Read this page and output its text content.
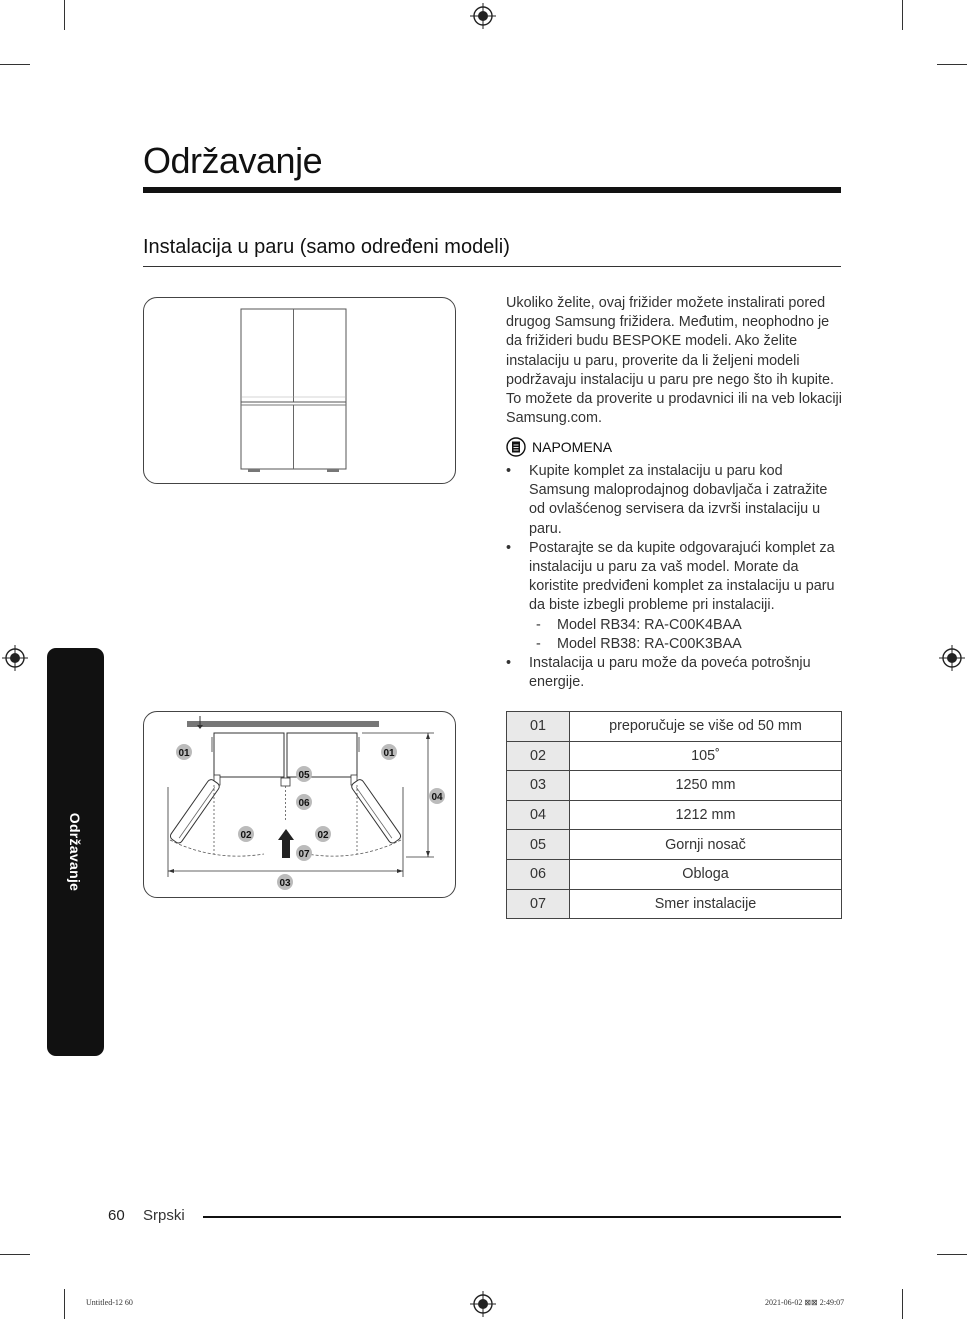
Održavanje
Instalacija u paru (samo određeni modeli)
Ukoliko želite, ovaj frižider možete instalirati pored drugog Samsung frižidera. Međutim, neophodno je da frižideri budu BESPOKE modeli. Ako želite instalaciju u paru, proverite da li željeni modeli podržavaju instalaciju u paru pre nego što ih kupite. To možete da proverite u prodavnici ili na veb lokaciji Samsung.com.
NAPOMENA

• Kupite komplet za instalaciju u paru kod Samsung maloprodajnog dobavljača i zatražite od ovlašćenog servisera da izvrši instalaciju u paru.

• Postarajte se da kupite odgovarajući komplet za instalaciju u paru za vaš model. Morate da koristite predviđeni komplet za instalaciju u paru da biste izbegli probleme pri instalaciji.

- Model RB34: RA-C00K4BAA

- Model RB38: RA-C00K3BAA

• Instalacija u paru može da poveća potrošnju energije.

01	01
05
06
02	02
07
03
04
01	preporučuje se više od 50 mm
02	105˚
03	1250 mm
04	1212 mm
05	Gornji nosač
06	Obloga
07	Smer instalacije
Održavanje
60 Srpski
Untitled-12 60	2021-06-02 ⊠⊠ 2:49:07
